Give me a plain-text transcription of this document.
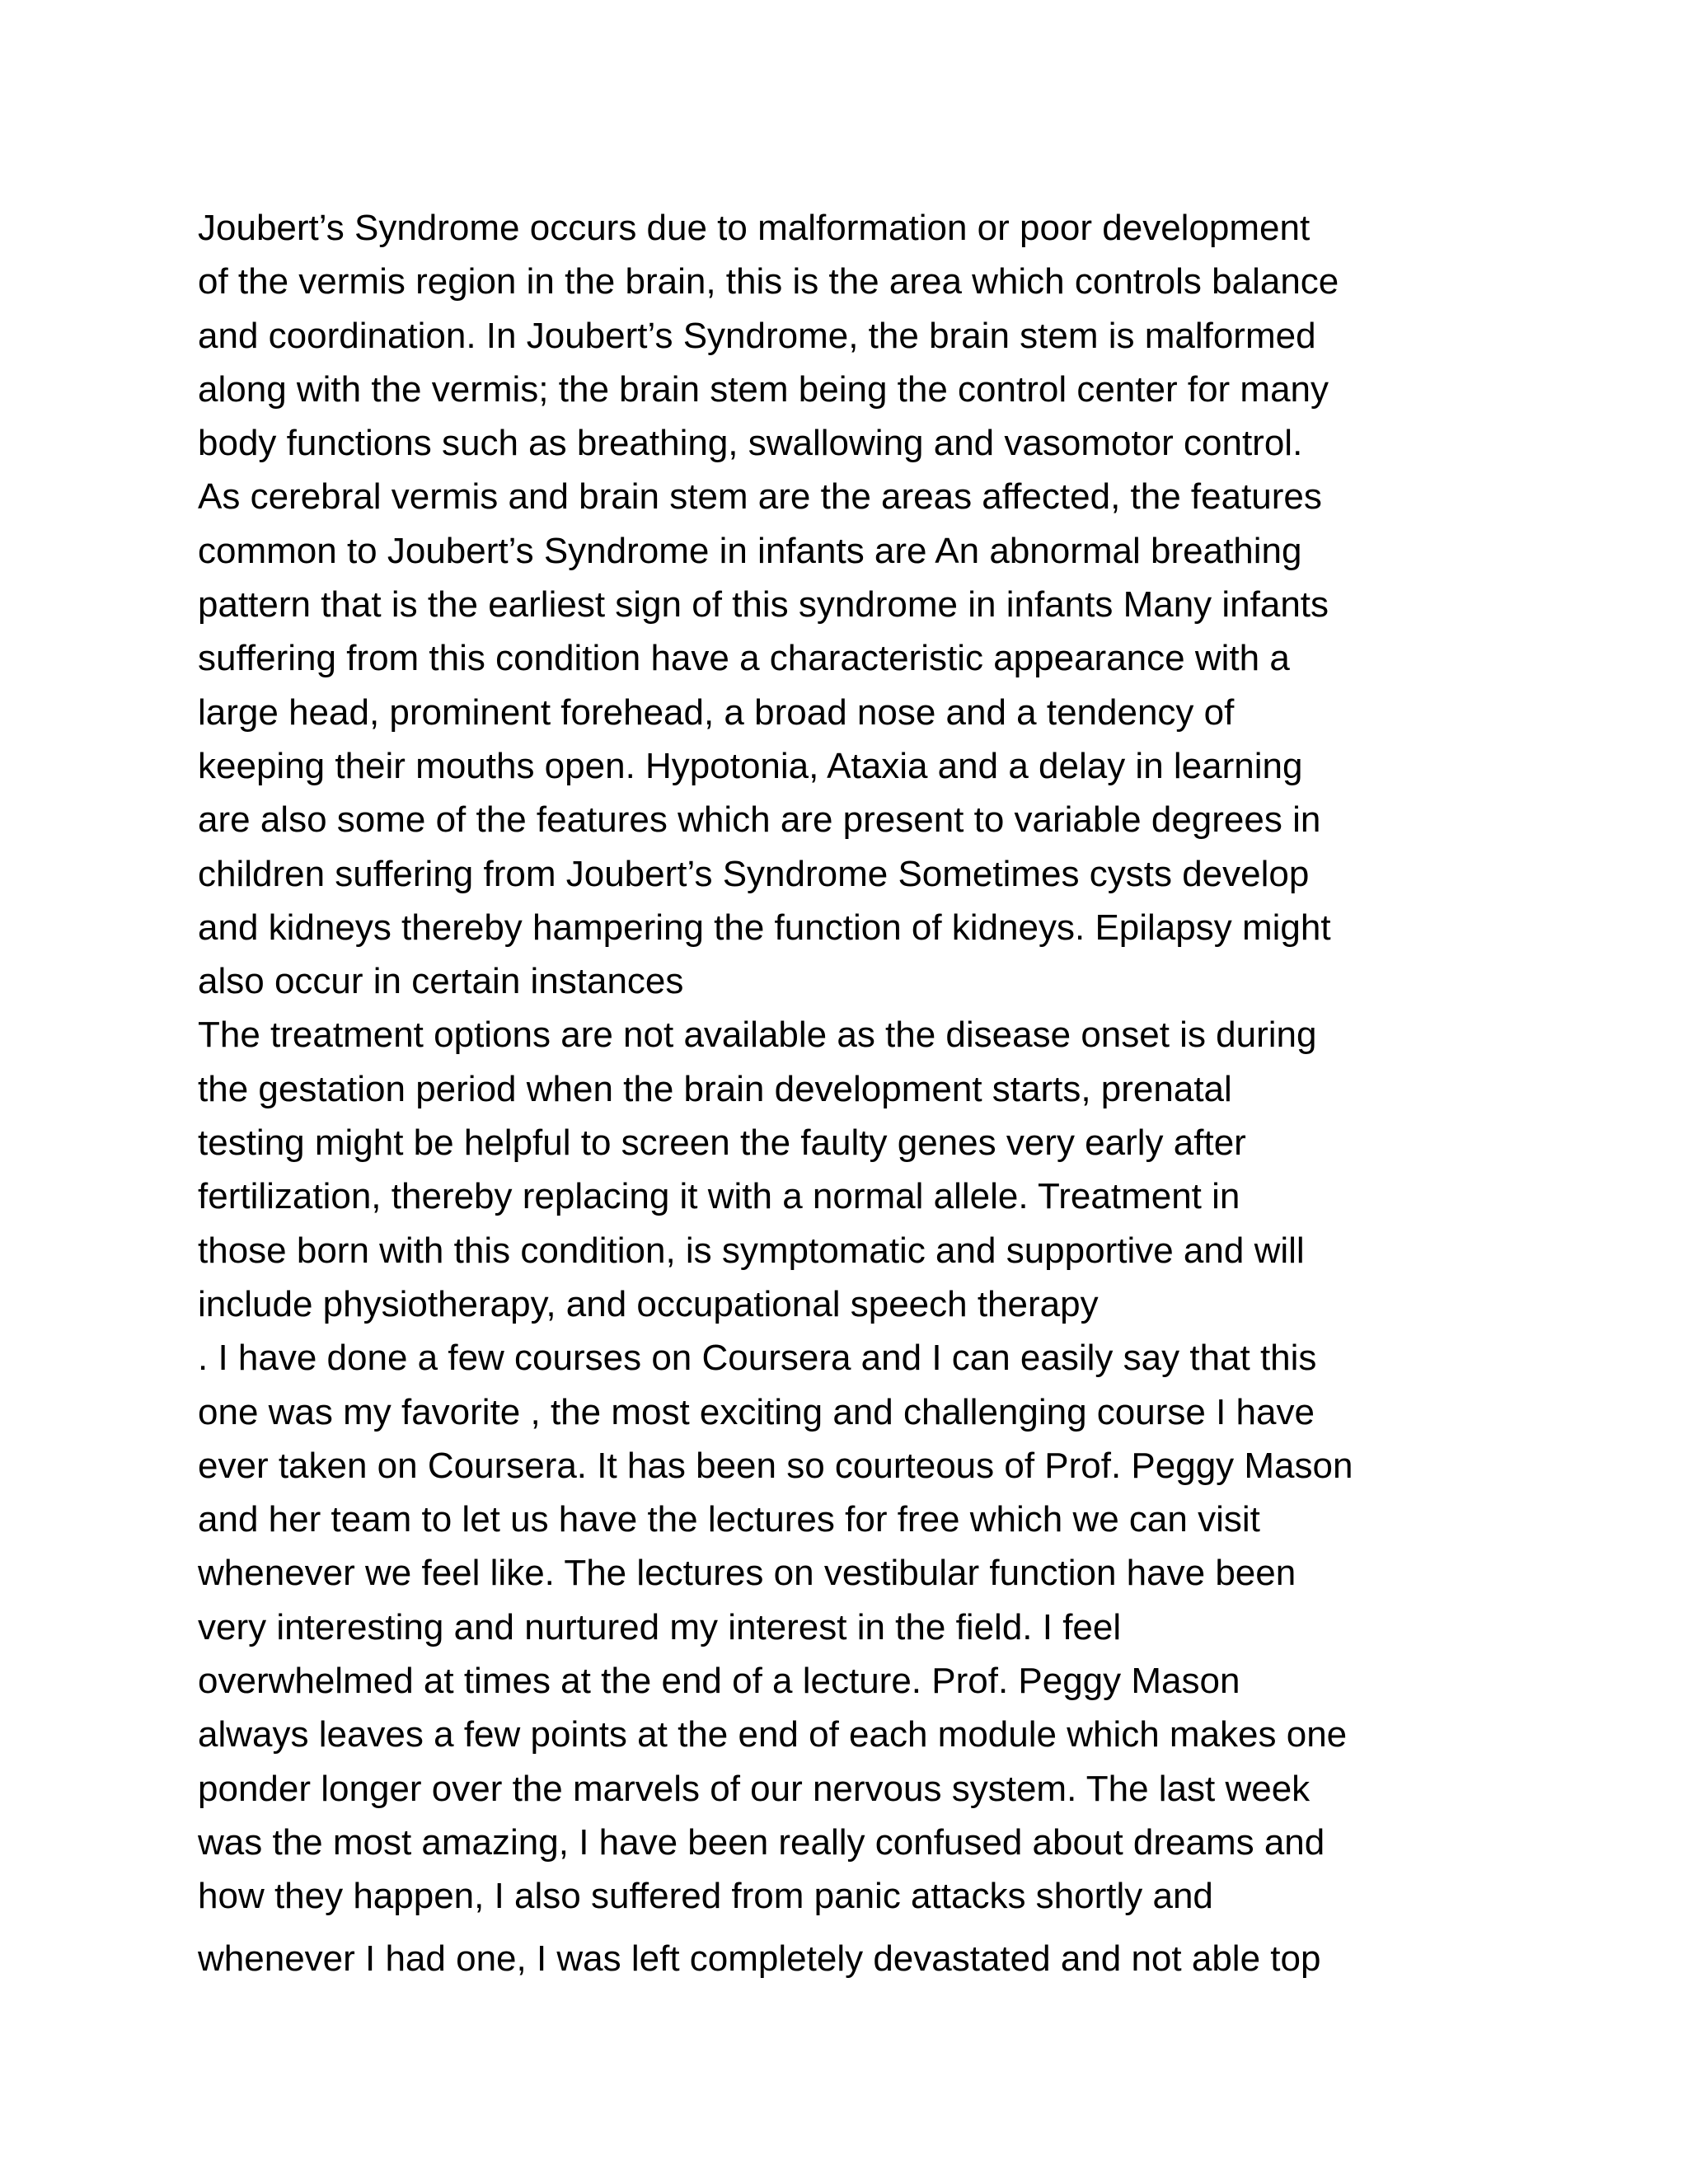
Joubert’s Syndrome occurs due to malformation or poor development
of the vermis region in the brain, this is the area which controls balance
and coordination. In Joubert’s Syndrome, the brain stem is malformed
along with the vermis; the brain stem being the control center for many
body functions such as breathing, swallowing and vasomotor control.
As cerebral vermis and brain stem are the areas affected, the features
common to Joubert’s Syndrome in infants are An abnormal breathing
pattern that is the earliest sign of this syndrome in infants Many infants
suffering from this condition have a characteristic appearance with a
large head, prominent forehead, a broad nose and a tendency of
keeping their mouths open. Hypotonia, Ataxia and a delay in learning
are also some of the features which are present to variable degrees in
children suffering from Joubert’s Syndrome Sometimes cysts develop
and kidneys thereby hampering the function of kidneys. Epilapsy might
also occur in certain instances
The treatment options are not available as the disease onset is during
the gestation period when the brain development starts, prenatal
testing might be helpful to screen the faulty genes very early after
fertilization, thereby replacing it with a normal allele. Treatment in
those born with this condition, is symptomatic and supportive and will
include physiotherapy, and occupational speech therapy
. I have done a few courses on Coursera and I can easily say that this
one was my favorite , the most exciting and challenging course I have
ever taken on Coursera. It has been so courteous of Prof. Peggy Mason
and her team to let us have the lectures for free which we can visit
whenever we feel like. The lectures on vestibular function have been
very interesting and nurtured my interest in the field. I feel
overwhelmed at times at the end of a lecture. Prof. Peggy Mason
always leaves a few points at the end of each module which makes one
ponder longer over the marvels of our nervous system. The last week
was the most amazing, I have been really confused about dreams and
how they happen, I also suffered from panic attacks shortly and
whenever I had one, I was left completely devastated and not able top
